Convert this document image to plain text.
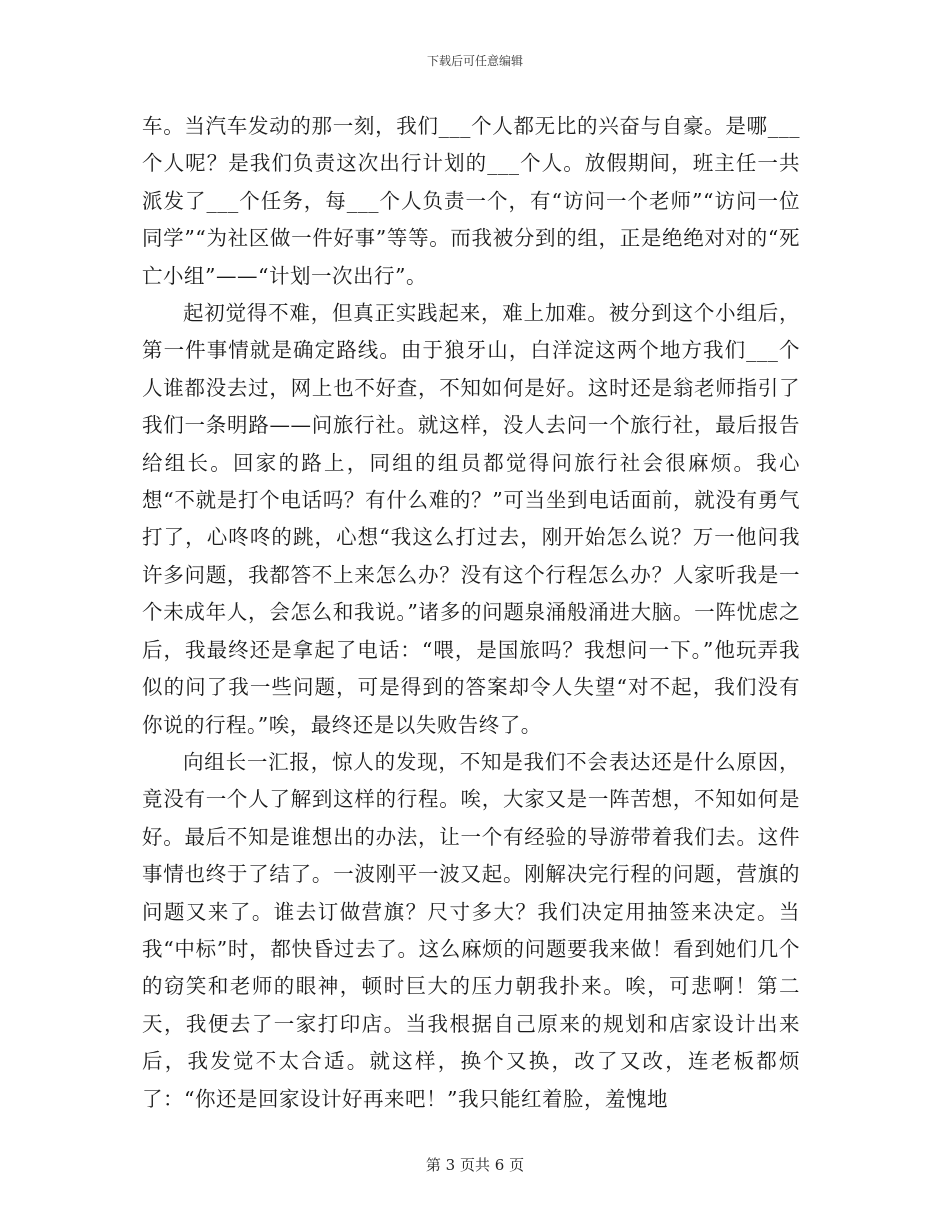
下载后可任意编辑

车。当汽车发动的那一刻，我们___个人都无比的兴奋与自豪。是哪___个人呢？是我们负责这次出行计划的___个人。放假期间，班主任一共派发了___个任务，每___个人负责一个，有“访问一个老师”“访问一位同学”“为社区做一件好事”等等。而我被分到的组，正是绝绝对对的“死亡小组”——“计划一次出行”。

起初觉得不难，但真正实践起来，难上加难。被分到这个小组后，第一件事情就是确定路线。由于狼牙山，白洋淀这两个地方我们___个人谁都没去过，网上也不好查，不知如何是好。这时还是翁老师指引了我们一条明路——问旅行社。就这样，没人去问一个旅行社，最后报告给组长。回家的路上，同组的组员都觉得问旅行社会很麻烦。我心想“不就是打个电话吗？有什么难的？”可当坐到电话面前，就没有勇气打了，心咚咚的跳，心想“我这么打过去，刚开始怎么说？万一他问我许多问题，我都答不上来怎么办？没有这个行程怎么办？人家听我是一个未成年人，会怎么和我说。”诸多的问题泉涌般涌进大脑。一阵忧虑之后，我最终还是拿起了电话：“喂，是国旅吗？我想问一下。”他玩弄我似的问了我一些问题，可是得到的答案却令人失望“对不起，我们没有你说的行程。”唉，最终还是以失败告终了。

向组长一汇报，惊人的发现，不知是我们不会表达还是什么原因，竟没有一个人了解到这样的行程。唉，大家又是一阵苦想，不知如何是好。最后不知是谁想出的办法，让一个有经验的导游带着我们去。这件事情也终于了结了。一波刚平一波又起。刚解决完行程的问题，营旗的问题又来了。谁去订做营旗？尺寸多大？我们决定用抽签来决定。当我“中标”时，都快昏过去了。这么麻烦的问题要我来做！看到她们几个的窃笑和老师的眼神，顿时巨大的压力朝我扑来。唉，可悲啊！第二天，我便去了一家打印店。当我根据自己原来的规划和店家设计出来后，我发觉不太合适。就这样，换个又换，改了又改，连老板都烦了：“你还是回家设计好再来吧！”我只能红着脸，羞愧地

第 3 页共 6 页
